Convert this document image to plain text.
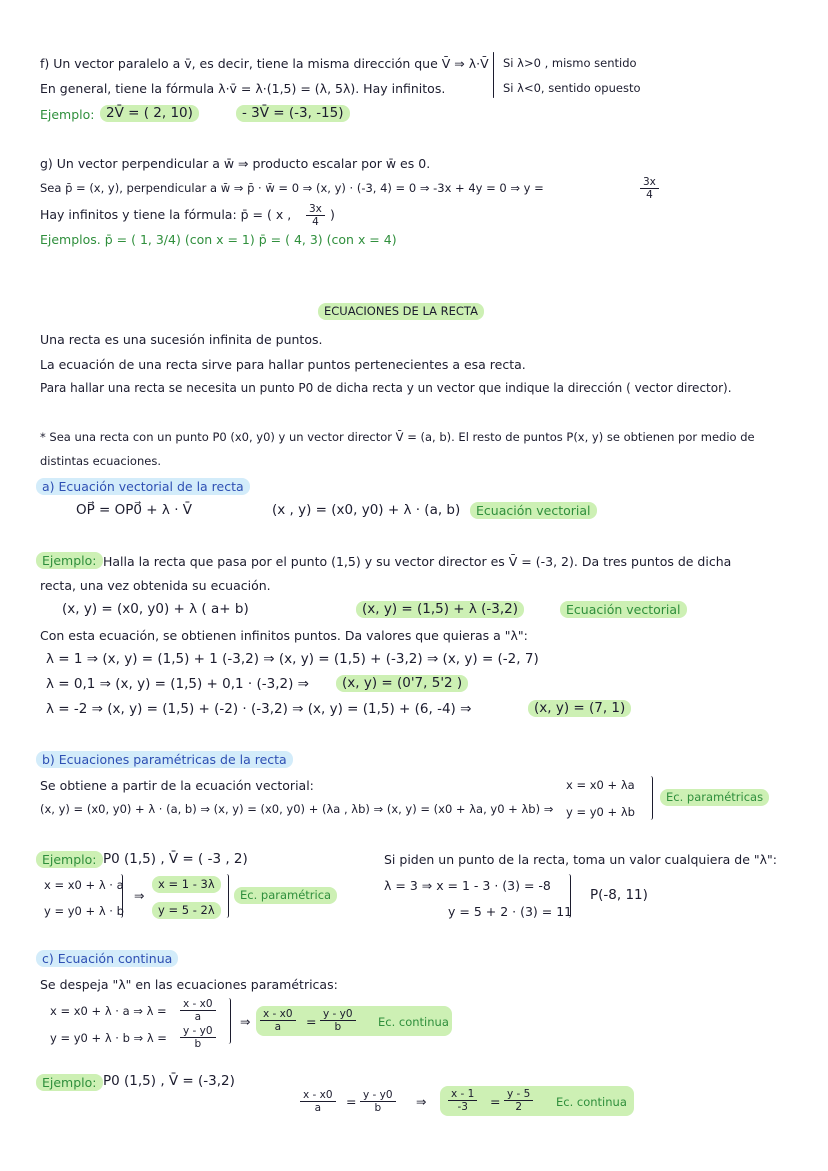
f) Un vector paralelo a v̄, es decir, tiene la misma dirección que V̄ ⇒ λ·V̄ Si λ>0 , mismo sentido
Si λ<0, sentido opuesto
En general, tiene la fórmula λ·v̄ = λ·(1,5) = (λ, 5λ). Hay infinitos.
Ejemplo: 2V̄ = ( 2, 10)	- 3V̄ = (-3, -15)
g) Un vector perpendicular a w̄ ⇒ producto escalar por w̄ es 0.
Sea p̄ = (x, y), perpendicular a w̄ ⇒ p̄ · w̄ = 0 ⇒ (x, y) · (-3, 4) = 0 ⇒ -3x + 4y = 0 ⇒ y =	$\frac{3x}{4}$
Hay infinitos y tiene la fórmula: p̄ = ( x , $\frac{3x}{4}$ )
Ejemplos. p̄ = ( 1, 3/4) (con x = 1) p̄ = ( 4, 3) (con x = 4)
ECUACIONES DE LA RECTA
Una recta es una sucesión infinita de puntos.
La ecuación de una recta sirve para hallar puntos pertenecientes a esa recta.
Para hallar una recta se necesita un punto P0 de dicha recta y un vector que indique la dirección ( vector director).
* Sea una recta con un punto P0 (x0, y0) y un vector director V̄ = (a, b). El resto de puntos P(x, y) se obtienen por medio de
distintas ecuaciones.
a) Ecuación vectorial de la recta
OP⃗ = OP0⃗ + λ · V̄	(x , y) = (x0, y0) + λ · (a, b)	Ecuación vectorial
Ejemplo: Halla la recta que pasa por el punto (1,5) y su vector director es V̄ = (-3, 2). Da tres puntos de dicha
recta, una vez obtenida su ecuación.
(x, y) = (x0, y0) + λ ( a+ b)	(x, y) = (1,5) + λ (-3,2)	Ecuación vectorial
Con esta ecuación, se obtienen infinitos puntos. Da valores que quieras a "λ":
λ = 1 ⇒ (x, y) = (1,5) + 1 (-3,2) ⇒ (x, y) = (1,5) + (-3,2) ⇒ (x, y) = (-2, 7)
λ = 0,1 ⇒ (x, y) = (1,5) + 0,1 · (-3,2) ⇒	(x, y) = (0'7, 5'2 )
λ = -2 ⇒ (x, y) = (1,5) + (-2) · (-3,2) ⇒ (x, y) = (1,5) + (6, -4) ⇒	(x, y) = (7, 1)
b) Ecuaciones paramétricas de la recta
Se obtiene a partir de la ecuación vectorial:
(x, y) = (x0, y0) + λ · (a, b) ⇒ (x, y) = (x0, y0) + (λa , λb) ⇒ (x, y) = (x0 + λa, y0 + λb) ⇒
x = x0 + λa
y = y0 + λb
Ec. paramétricas
Ejemplo: P0 (1,5) , V̄ = ( -3 , 2)
x = x0 + λ · a
y = y0 + λ · b
⇒
x = 1 - 3λ
y = 5 - 2λ
Ec. paramétrica
Si piden un punto de la recta, toma un valor cualquiera de "λ":
λ = 3 ⇒ x = 1 - 3 · (3) = -8
y = 5 + 2 · (3) = 11
P(-8, 11)
c) Ecuación continua
Se despeja "λ" en las ecuaciones paramétricas:
x = x0 + λ · a ⇒ $\lambda = \frac{x - x0}{a}$
y = y0 + λ · b ⇒ $\lambda = \frac{y - y0}{b}$
⇒ $\frac{x - x0}{a} = \frac{y - y0}{b} Ec$. continua
Ejemplo: P0 (1,5) , V̄ = (-3,2)
$\frac{x - x0}{a} = \frac{y - y0}{b}$ ⇒ $\frac{x - 1}{-3} = \frac{y - 5}{2} Ec$. continua
